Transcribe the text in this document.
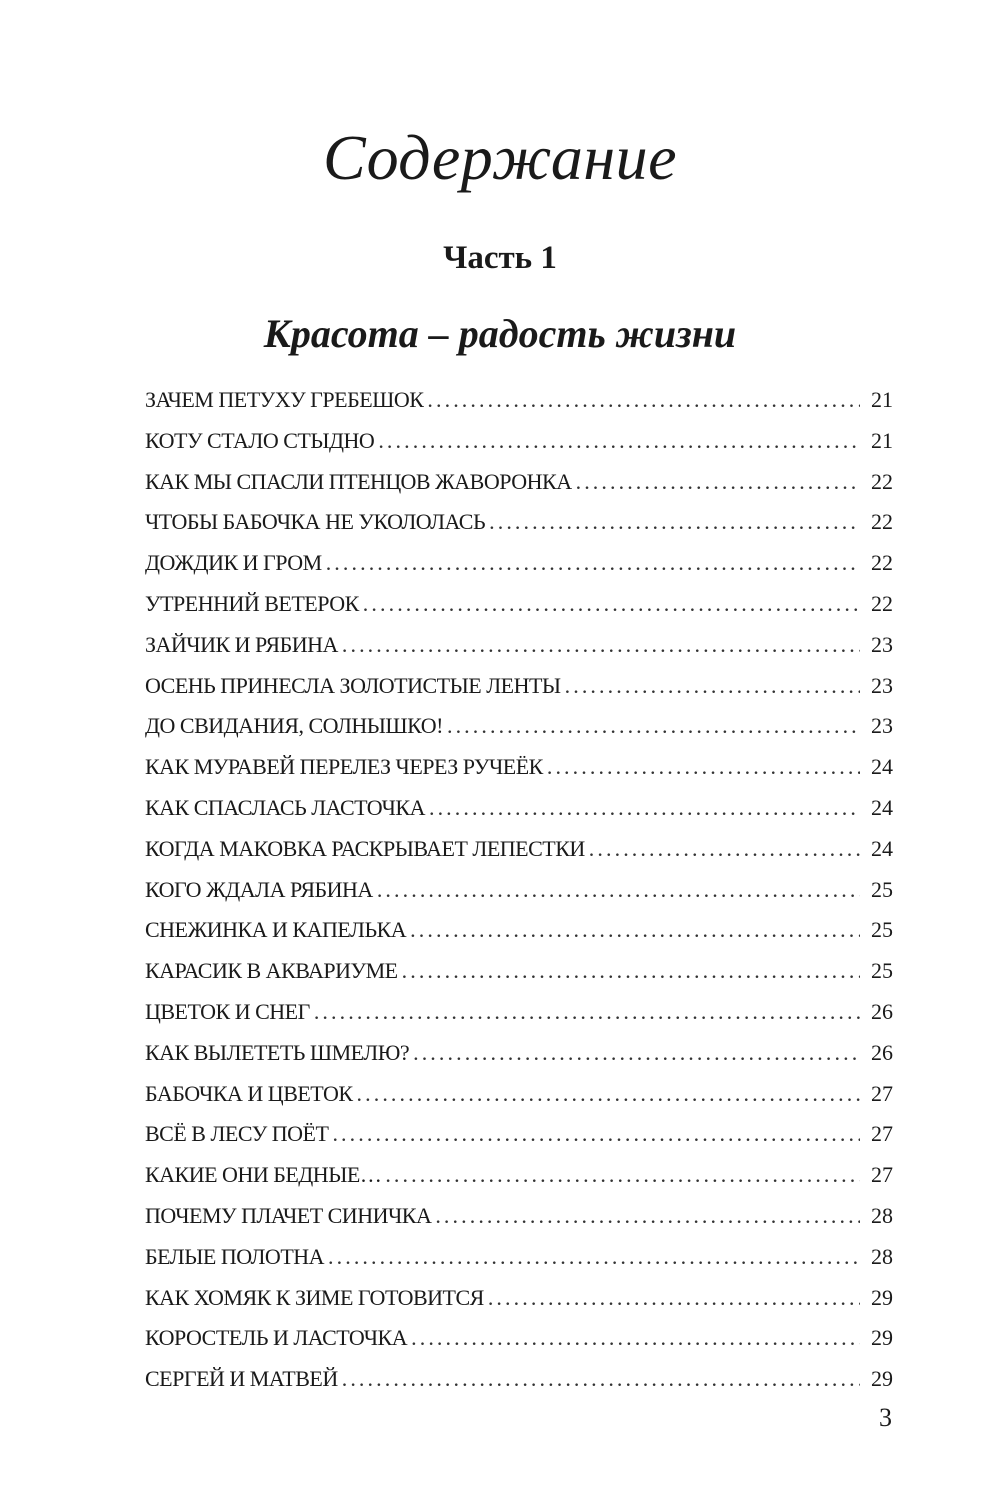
Содержание
Часть 1
Красота – радость жизни
ЗАЧЕМ ПЕТУХУ ГРЕБЕШОК . . .	21
КОТУ СТАЛО СТЫДНО . . .	21
КАК МЫ СПАСЛИ ПТЕНЦОВ ЖАВОРОНКА . . .	22
ЧТОБЫ БАБОЧКА НЕ УКОЛОЛАСЬ . . .	22
ДОЖДИК И ГРОМ . . .	22
УТРЕННИЙ ВЕТЕРОК . . .	22
ЗАЙЧИК И РЯБИНА . . .	23
ОСЕНЬ ПРИНЕСЛА ЗОЛОТИСТЫЕ ЛЕНТЫ . . .	23
ДО СВИДАНИЯ, СОЛНЫШКО! . . .	23
КАК МУРАВЕЙ ПЕРЕЛЕЗ ЧЕРЕЗ РУЧЕЁК . . .	24
КАК СПАСЛАСЬ ЛАСТОЧКА . . .	24
КОГДА МАКОВКА РАСКРЫВАЕТ ЛЕПЕСТКИ . . .	24
КОГО ЖДАЛА РЯБИНА . . .	25
СНЕЖИНКА И КАПЕЛЬКА . . .	25
КАРАСИК В АКВАРИУМЕ . . .	25
ЦВЕТОК И СНЕГ . . .	26
КАК ВЫЛЕТЕТЬ ШМЕЛЮ? . . .	26
БАБОЧКА И ЦВЕТОК . . .	27
ВСЁ В ЛЕСУ ПОЁТ . . .	27
КАКИЕ ОНИ БЕДНЫЕ… . . .	27
ПОЧЕМУ ПЛАЧЕТ СИНИЧКА . . .	28
БЕЛЫЕ ПОЛОТНА . . .	28
КАК ХОМЯК К ЗИМЕ ГОТОВИТСЯ . . .	29
КОРОСТЕЛЬ И ЛАСТОЧКА . . .	29
СЕРГЕЙ И МАТВЕЙ . . .	29

3
